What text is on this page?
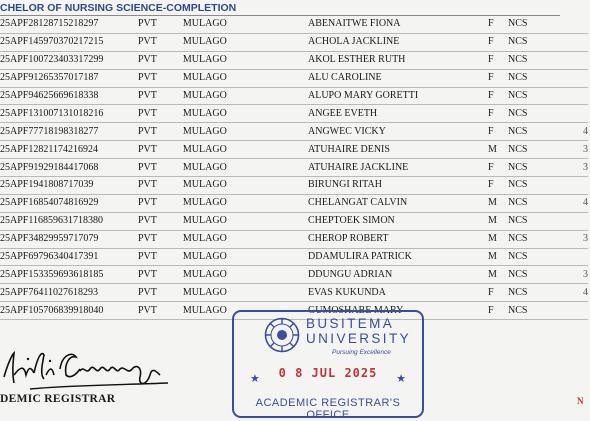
CHELOR OF NURSING SCIENCE-COMPLETION
25APF28128715218297	PVT MULAGO	ABENAITWE FIONA	F	NCS	
25APF145970370217215	PVT MULAGO	ACHOLA JACKLINE	F	NCS	
25APF100723403317299	PVT MULAGO	AKOL ESTHER RUTH	F	NCS	
25APF91265357017187	PVT MULAGO	ALU CAROLINE	F	NCS	
25APF94625669618338	PVT MULAGO	ALUPO MARY GORETTI	F	NCS	
25APF131007131018216	PVT MULAGO	ANGEE EVETH	F	NCS	
25APF77718198318277	PVT MULAGO	ANGWEC VICKY	F	NCS	4
25APF12821174216924	PVT MULAGO	ATUHAIRE DENIS	M	NCS	3
25APF91929184417068	PVT MULAGO	ATUHAIRE JACKLINE	F	NCS	3
25APF1941808717039	PVT MULAGO	BIRUNGI RITAH	F	NCS	
25APF16854074816929	PVT MULAGO	CHELANGAT CALVIN	M	NCS	4
25APF116859631718380	PVT MULAGO	CHEPTOEK SIMON	M	NCS	
25APF34829959717079	PVT MULAGO	CHEROP ROBERT	M	NCS	3
25APF69796340417391	PVT MULAGO	DDAMULIRA PATRICK	M	NCS	
25APF153359693618185	PVT MULAGO	DDUNGU ADRIAN	M	NCS	3
25APF76411027618293	PVT MULAGO	EVAS KUKUNDA	F	NCS	4
25APF105706839918040	PVT MULAGO	GUMOSHABE MARY	F	NCS	
DEMIC REGISTRAR
BUSITEMA
UNIVERSITY
Pursuing Excellence
★	0 8 JUL 2025	★
ACADEMIC REGISTRAR'S OFFICE
N
